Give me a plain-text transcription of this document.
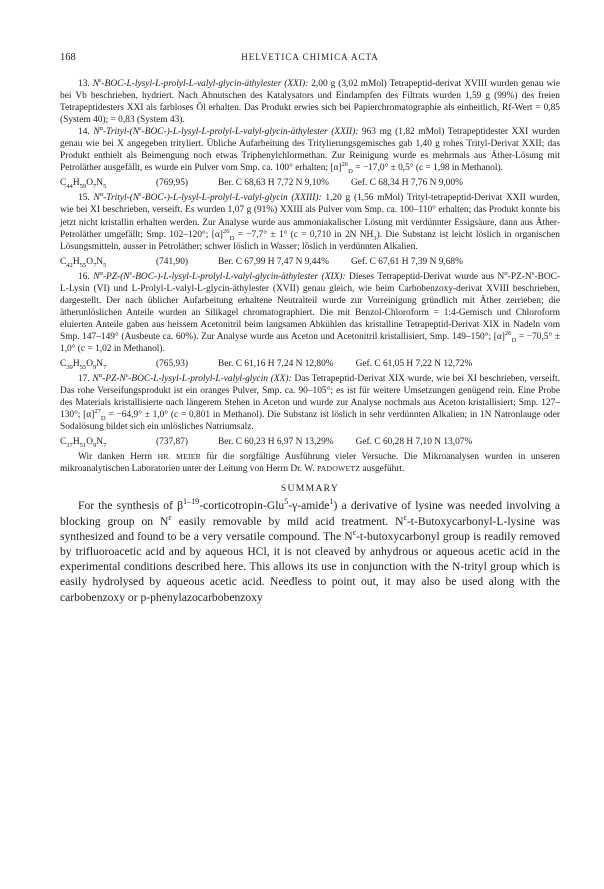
168	HELVETICA CHIMICA ACTA

13. $N^\varepsilon-BOC-L-lysyl-L-prolyl-L-valyl-glycin$-äthylester (XXI): 2,00 g (3,02 mMol) Tetrapeptid-derivat XVIII wurden genau wie bei Vb beschrieben, hydriert. Nach Abnutschen des Katalysators und Eindampfen des Filtrats wurden 1,59 g (99%) des freien Tetrapeptidesters XXI als farbloses Öl erhalten. Das Produkt erwies sich bei Papierchromatographie als einheitlich, Rf-Wert = 0,85 (System 40); = 0,83 (System 43).

14. $N^\alpha-Trityl-(N^\varepsilon-BOC-)-L-lysyl-L-prolyl-L-valyl-glycin$-äthylester (XXII): 963 mg (1,82 mMol) Tetrapeptidester XXI wurden genau wie bei X angegeben trityliert. Übliche Aufarbeitung des Tritylierungsgemisches gab 1,40 g rohes Trityl-Derivat XXII; das Produkt enthielt als Beimengung noch etwas Triphenylchlormethan. Zur Reinigung wurde es mehrmals aus Äther-Lösung mit Petroläther ausgefällt, es wurde ein Pulver vom Smp. ca. 100° erhalten; $[\alpha]^{26}_D = -17,0^\circ \pm 0,5^\circ$ (c = 1,98 in Methanol).

$C_{44}H_{59}O_7N_5$	(769,95)	Ber. C 68,63 H 7,72 N 9,10% Gef. C 68,34 H 7,76 N 9,00%

15. $N^\alpha-Trityl-(N^\varepsilon-BOC-)-L-lysyl-L-prolyl-L-valyl$-glycin (XXIII): 1,20 g (1,56 mMol) Trityl-tetrapeptid-Derivat XXII wurden, wie bei XI beschrieben, verseift. Es wurden 1,07 g (91%) XXIII als Pulver vom Smp. ca. 100–110° erhalten; das Produkt konnte bis jetzt nicht kristallin erhalten werden. Zur Analyse wurde aus ammoniakalischer Lösung mit verdünnter Essigsäure, dann aus Äther-Petroläther umgefällt; Smp. 102–120°; $[\alpha]^{26}_D = -7,7^\circ \pm 1^\circ$ (c = 0,710 in 2N $NH_3$). Die Substanz ist leicht löslich in organischen Lösungsmitteln, ausser in Petroläther; schwer löslich in Wasser; löslich in verdünnten Alkalien.

$C_{42}H_{55}O_7N_5$	(741,90)	Ber. C 67,99 H 7,47 N 9,44% Gef. C 67,61 H 7,39 N 9,68%

16. $N^\alpha-PZ-(N^\varepsilon-BOC-)-L-lysyl-L-prolyl-L-valyl-glycin$-äthylester (XIX): Dieses Tetrapeptid-Derivat wurde aus $N^\alpha-PZ-N^\varepsilon-BOC-L$-Lysin (VI) und L-Prolyl-L-valyl-L-glycin-äthylester (XVII) genau gleich, wie beim Carbobenzoxy-derivat XVIII beschrieben, dargestellt. Der nach üblicher Aufarbeitung erhaltene Neutralteil wurde zur Vorreinigung gründlich mit Äther zerrieben; die ätherunlöslichen Anteile wurden an Silikagel chromatographiert. Die mit Benzol-Chloroform = 1:4-Gemisch und Chloroform eluierten Anteile gaben aus heissem Acetonitril beim langsamen Abkühlen das kristalline Tetrapeptid-Derivat XIX in Nadeln vom Smp. 147–149° (Ausbeute ca. 60%). Zur Analyse wurde aus Aceton und Acetonitril kristallisiert, Smp. 149–150°; $[\alpha]^{26}_D = -70,5^\circ \pm 1,0^\circ$ (c = 1,02 in Methanol).

$C_{39}H_{55}O_9N_7$	(765,93)	Ber. C 61,16 H 7,24 N 12,80% Gef. C 61,05 H 7,22 N 12,72%

17. $N^\alpha-PZ-N^\varepsilon-BOC-L-lysyl-L-prolyl-L-valyl$-glycin (XX): Das Tetrapeptid-Derivat XIX wurde, wie bei XI beschrieben, verseift. Das rohe Verseifungsprodukt ist ein oranges Pulver, Smp. ca. 90–105°; es ist für weitere Umsetzungen genügend rein. Eine Probe des Materials kristallisierte nach längerem Stehen in Aceton und wurde zur Analyse nochmals aus Aceton kristallisiert; Smp. 127–130°; $[\alpha]^{27}_D = -64,9^\circ \pm 1,0^\circ$ (c = 0,801 in Methanol). Die Substanz ist löslich in sehr verdünnten Alkalien; in 1N Natronlauge oder Sodalösung bildet sich ein unlösliches Natriumsalz.

$C_{37}H_{51}O_9N_7$	(737,87)	Ber. C 60,23 H 6,97 N 13,29% Gef. C 60,28 H 7,10 N 13,07%

Wir danken Herrn HR. MEIER für die sorgfältige Ausführung vieler Versuche. Die Mikroanalysen wurden in unseren mikroanalytischen Laboratorien unter der Leitung von Herrn Dr. W. PADOWETZ ausgeführt.

SUMMARY

For the synthesis of $\beta^{1-19}-corticotropin-Glu^5-\gamma-amide^1$) a derivative of lysine was needed involving a blocking group on $N^\varepsilon$ easily removable by mild acid treatment. $N^\varepsilon-t-Butoxycarbonyl-L$-lysine was synthesized and found to be a very versatile compound. The $N^\varepsilon-t$-butoxycarbonyl group is readily removed by trifluoroacetic acid and by aqueous HCl, it is not cleaved by anhydrous or aqueous acetic acid in the experimental conditions described here. This allows its use in conjunction with the N-trityl group which is easily hydrolysed by aqueous acetic acid. Needless to point out, it may also be used along with the carbobenzoxy or p-phenylazocarbobenzoxy
